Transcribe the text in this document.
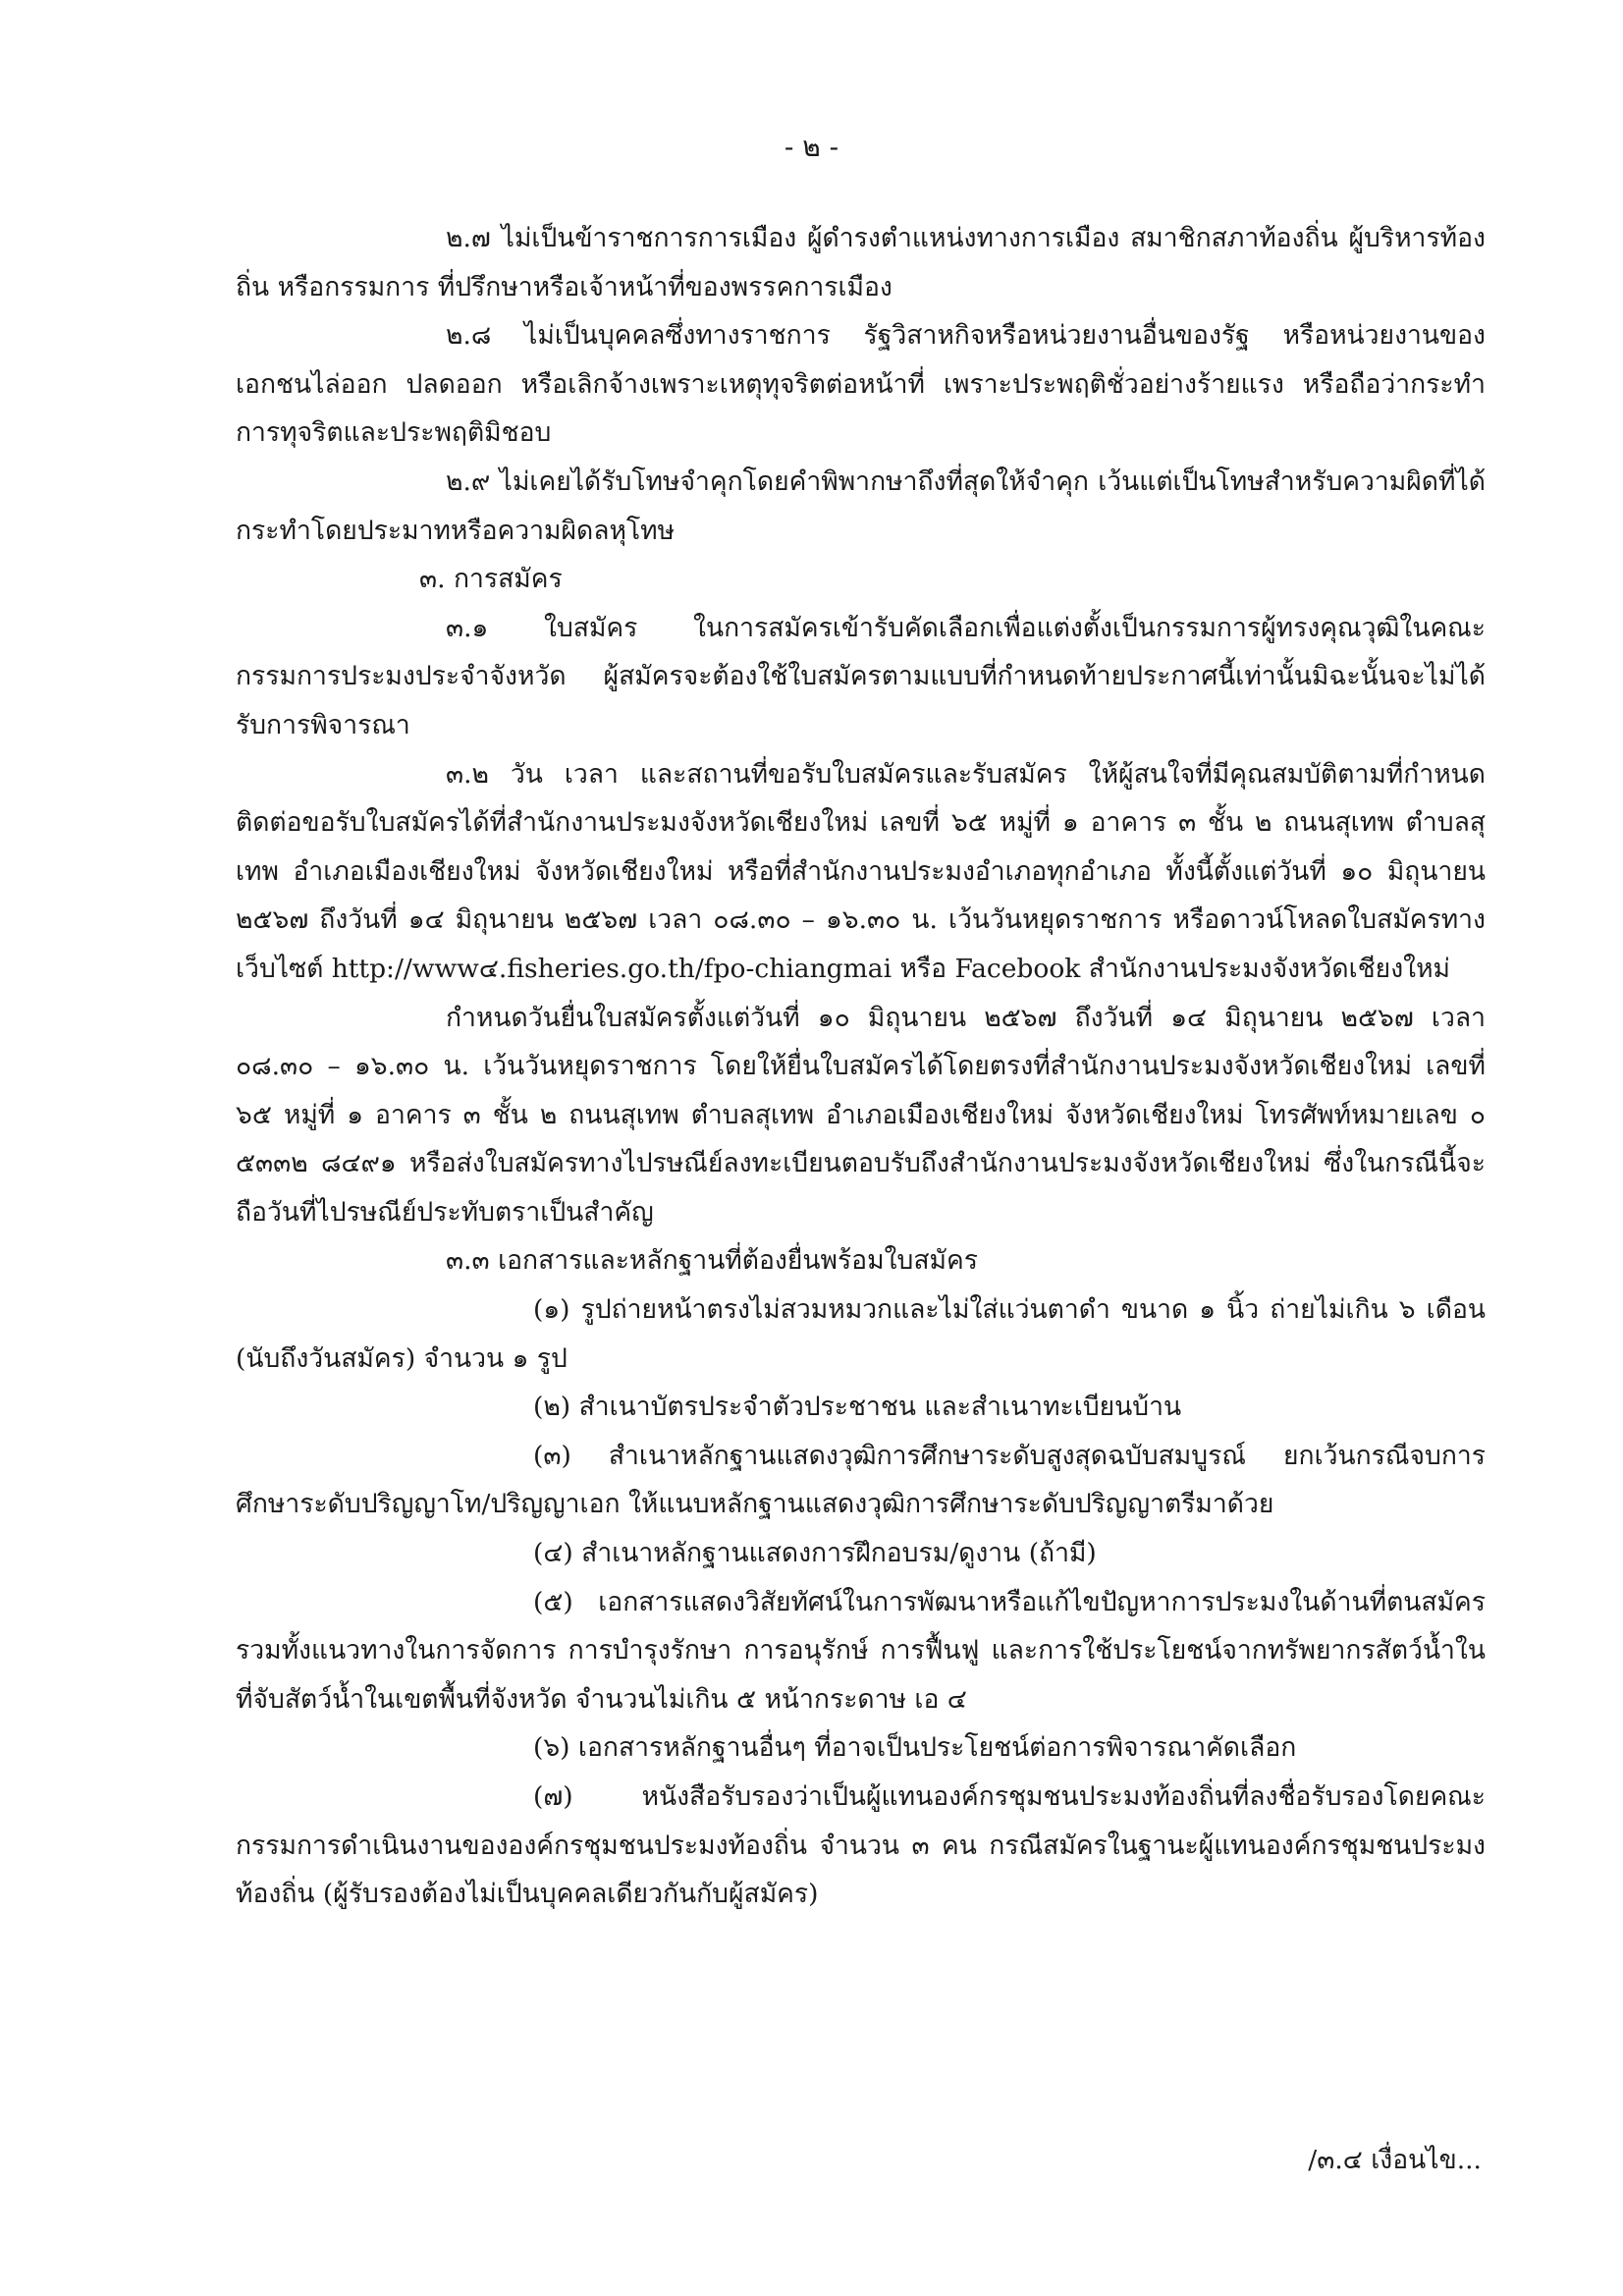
- ๒ -

๒.๗ ไม่เป็นข้าราชการการเมือง ผู้ดำรงตำแหน่งทางการเมือง สมาชิกสภาท้องถิ่น ผู้บริหารท้องถิ่น หรือกรรมการ ที่ปรึกษาหรือเจ้าหน้าที่ของพรรคการเมือง

๒.๘ ไม่เป็นบุคคลซึ่งทางราชการ รัฐวิสาหกิจหรือหน่วยงานอื่นของรัฐ หรือหน่วยงานของเอกชนไล่ออก ปลดออก หรือเลิกจ้างเพราะเหตุทุจริตต่อหน้าที่ เพราะประพฤติชั่วอย่างร้ายแรง หรือถือว่ากระทำการทุจริตและประพฤติมิชอบ

๒.๙ ไม่เคยได้รับโทษจำคุกโดยคำพิพากษาถึงที่สุดให้จำคุก เว้นแต่เป็นโทษสำหรับความผิดที่ได้กระทำโดยประมาทหรือความผิดลหุโทษ

๓. การสมัคร

๓.๑ ใบสมัคร ในการสมัครเข้ารับคัดเลือกเพื่อแต่งตั้งเป็นกรรมการผู้ทรงคุณวุฒิในคณะกรรมการประมงประจำจังหวัด ผู้สมัครจะต้องใช้ใบสมัครตามแบบที่กำหนดท้ายประกาศนี้เท่านั้นมิฉะนั้นจะไม่ได้รับการพิจารณา

๓.๒ วัน เวลา และสถานที่ขอรับใบสมัครและรับสมัคร ให้ผู้สนใจที่มีคุณสมบัติตามที่กำหนดติดต่อขอรับใบสมัครได้ที่สำนักงานประมงจังหวัดเชียงใหม่ เลขที่ ๖๕ หมู่ที่ ๑ อาคาร ๓ ชั้น ๒ ถนนสุเทพ ตำบลสุเทพ อำเภอเมืองเชียงใหม่ จังหวัดเชียงใหม่ หรือที่สำนักงานประมงอำเภอทุกอำเภอ ทั้งนี้ตั้งแต่วันที่ ๑๐ มิถุนายน ๒๕๖๗ ถึงวันที่ ๑๔ มิถุนายน ๒๕๖๗ เวลา ๐๘.๓๐ – ๑๖.๓๐ น. เว้นวันหยุดราชการ หรือดาวน์โหลดใบสมัครทางเว็บไซต์ http://www๔.fisheries.go.th/fpo-chiangmai หรือ Facebook สำนักงานประมงจังหวัดเชียงใหม่

กำหนดวันยื่นใบสมัครตั้งแต่วันที่ ๑๐ มิถุนายน ๒๕๖๗ ถึงวันที่ ๑๔ มิถุนายน ๒๕๖๗ เวลา ๐๘.๓๐ – ๑๖.๓๐ น. เว้นวันหยุดราชการ โดยให้ยื่นใบสมัครได้โดยตรงที่สำนักงานประมงจังหวัดเชียงใหม่ เลขที่ ๖๕ หมู่ที่ ๑ อาคาร ๓ ชั้น ๒ ถนนสุเทพ ตำบลสุเทพ อำเภอเมืองเชียงใหม่ จังหวัดเชียงใหม่ โทรศัพท์หมายเลข ๐ ๕๓๓๒ ๘๔๙๑ หรือส่งใบสมัครทางไปรษณีย์ลงทะเบียนตอบรับถึงสำนักงานประมงจังหวัดเชียงใหม่ ซึ่งในกรณีนี้จะถือวันที่ไปรษณีย์ประทับตราเป็นสำคัญ

๓.๓ เอกสารและหลักฐานที่ต้องยื่นพร้อมใบสมัคร

(๑) รูปถ่ายหน้าตรงไม่สวมหมวกและไม่ใส่แว่นตาดำ ขนาด ๑ นิ้ว ถ่ายไม่เกิน ๖ เดือน (นับถึงวันสมัคร) จำนวน ๑ รูป

(๒) สำเนาบัตรประจำตัวประชาชน และสำเนาทะเบียนบ้าน

(๓) สำเนาหลักฐานแสดงวุฒิการศึกษาระดับสูงสุดฉบับสมบูรณ์ ยกเว้นกรณีจบการศึกษาระดับปริญญาโท/ปริญญาเอก ให้แนบหลักฐานแสดงวุฒิการศึกษาระดับปริญญาตรีมาด้วย

(๔) สำเนาหลักฐานแสดงการฝึกอบรม/ดูงาน (ถ้ามี)

(๕) เอกสารแสดงวิสัยทัศน์ในการพัฒนาหรือแก้ไขปัญหาการประมงในด้านที่ตนสมัครรวมทั้งแนวทางในการจัดการ การบำรุงรักษา การอนุรักษ์ การฟื้นฟู และการใช้ประโยชน์จากทรัพยากรสัตว์น้ำในที่จับสัตว์น้ำในเขตพื้นที่จังหวัด จำนวนไม่เกิน ๕ หน้ากระดาษ เอ ๔

(๖) เอกสารหลักฐานอื่นๆ ที่อาจเป็นประโยชน์ต่อการพิจารณาคัดเลือก

(๗) หนังสือรับรองว่าเป็นผู้แทนองค์กรชุมชนประมงท้องถิ่นที่ลงชื่อรับรองโดยคณะกรรมการดำเนินงานขององค์กรชุมชนประมงท้องถิ่น จำนวน ๓ คน กรณีสมัครในฐานะผู้แทนองค์กรชุมชนประมงท้องถิ่น (ผู้รับรองต้องไม่เป็นบุคคลเดียวกันกับผู้สมัคร)

/๓.๔ เงื่อนไข...
